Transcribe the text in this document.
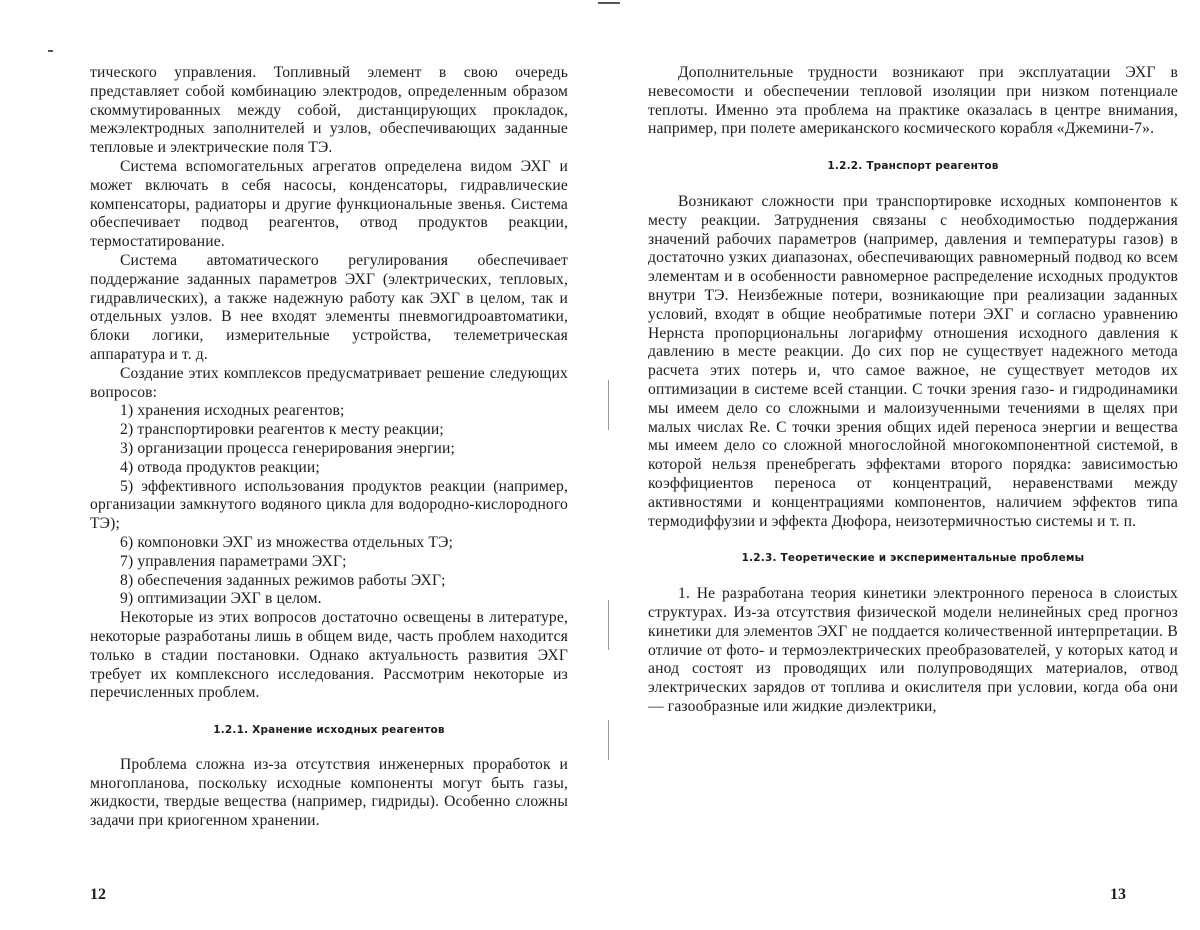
тического управления. Топливный элемент в свою очередь представляет собой комбинацию электродов, определенным образом скоммутированных между собой, дистанцирующих прокладок, межэлектродных заполнителей и узлов, обеспечивающих заданные тепловые и электрические поля ТЭ.

Система вспомогательных агрегатов определена видом ЭХГ и может включать в себя насосы, конденсаторы, гидравлические компенсаторы, радиаторы и другие функциональные звенья. Система обеспечивает подвод реагентов, отвод продуктов реакции, термостатирование.

Система автоматического регулирования обеспечивает поддержание заданных параметров ЭХГ (электрических, тепловых, гидравлических), а также надежную работу как ЭХГ в целом, так и отдельных узлов. В нее входят элементы пневмогидроавтоматики, блоки логики, измерительные устройства, телеметрическая аппаратура и т. д.

Создание этих комплексов предусматривает решение следующих вопросов:

1) хранения исходных реагентов;

2) транспортировки реагентов к месту реакции;

3) организации процесса генерирования энергии;

4) отвода продуктов реакции;

5) эффективного использования продуктов реакции (например, организации замкнутого водяного цикла для водородно-кислородного ТЭ);

6) компоновки ЭХГ из множества отдельных ТЭ;

7) управления параметрами ЭХГ;

8) обеспечения заданных режимов работы ЭХГ;

9) оптимизации ЭХГ в целом.

Некоторые из этих вопросов достаточно освещены в литературе, некоторые разработаны лишь в общем виде, часть проблем находится только в стадии постановки. Однако актуальность развития ЭХГ требует их комплексного исследования. Рассмотрим некоторые из перечисленных проблем.

1.2.1. Хранение исходных реагентов

Проблема сложна из-за отсутствия инженерных проработок и многопланова, поскольку исходные компоненты могут быть газы, жидкости, твердые вещества (например, гидриды). Особенно сложны задачи при криогенном хранении.

12

Дополнительные трудности возникают при эксплуатации ЭХГ в невесомости и обеспечении тепловой изоляции при низком потенциале теплоты. Именно эта проблема на практике оказалась в центре внимания, например, при полете американского космического корабля «Джемини-7».

1.2.2. Транспорт реагентов

Возникают сложности при транспортировке исходных компонентов к месту реакции. Затруднения связаны с необходимостью поддержания значений рабочих параметров (например, давления и температуры газов) в достаточно узких диапазонах, обеспечивающих равномерный подвод ко всем элементам и в особенности равномерное распределение исходных продуктов внутри ТЭ. Неизбежные потери, возникающие при реализации заданных условий, входят в общие необратимые потери ЭХГ и согласно уравнению Нернста пропорциональны логарифму отношения исходного давления к давлению в месте реакции. До сих пор не существует надежного метода расчета этих потерь и, что самое важное, не существует методов их оптимизации в системе всей станции. С точки зрения газо- и гидродинамики мы имеем дело со сложными и малоизученными течениями в щелях при малых числах Re. С точки зрения общих идей переноса энергии и вещества мы имеем дело со сложной многослойной многокомпонентной системой, в которой нельзя пренебрегать эффектами второго порядка: зависимостью коэффициентов переноса от концентраций, неравенствами между активностями и концентрациями компонентов, наличием эффектов типа термодиффузии и эффекта Дюфора, неизотермичностью системы и т. п.

1.2.3. Теоретические и экспериментальные проблемы

1. Не разработана теория кинетики электронного переноса в слоистых структурах. Из-за отсутствия физической модели нелинейных сред прогноз кинетики для элементов ЭХГ не поддается количественной интерпретации. В отличие от фото- и термоэлектрических преобразователей, у которых катод и анод состоят из проводящих или полупроводящих материалов, отвод электрических зарядов от топлива и окислителя при условии, когда оба они — газообразные или жидкие диэлектрики,

13
